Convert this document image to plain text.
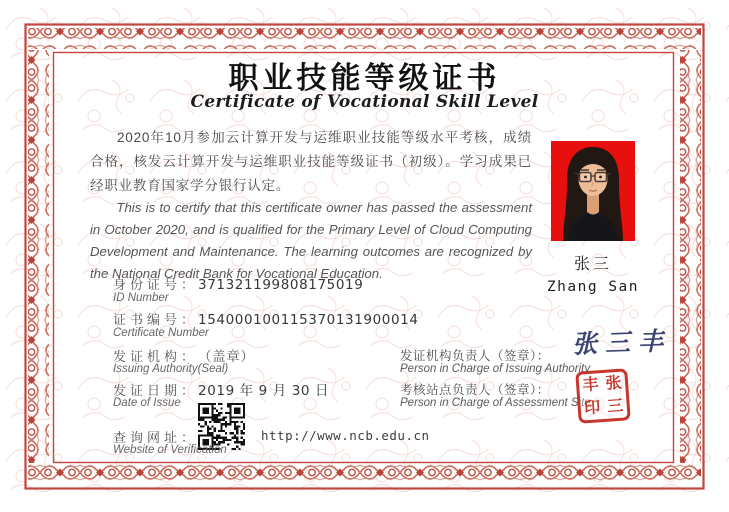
职业技能等级证书
Certificate of Vocational Skill Level
2020年10月参加云计算开发与运维职业技能等级水平考核，成绩合格，核发云计算开发与运维职业技能等级证书（初级）。学习成果已经职业教育国家学分银行认定。
This is to certify that this certificate owner has passed the assessment in October 2020, and is qualified for the Primary Level of Cloud Computing Development and Maintenance. The learning outcomes are recognized by the National Credit Bank for Vocational Education.
张三
Zhang San
身份证号： 371321199808175019
ID Number
证书编号： 154000100115370131900014
Certificate Number
发证机构： （盖章）
Issuing Authority(Seal)
发证日期： 2019 年 9 月 30 日
Date of Issue
查询网址：	http://www.ncb.edu.cn
Website of Verification
发证机构负责人（签章）：
Person in Charge of Issuing Authority
考核站点负责人（签章）：
Person in Charge of Assessment Site
张三丰
丰 张
印 三
